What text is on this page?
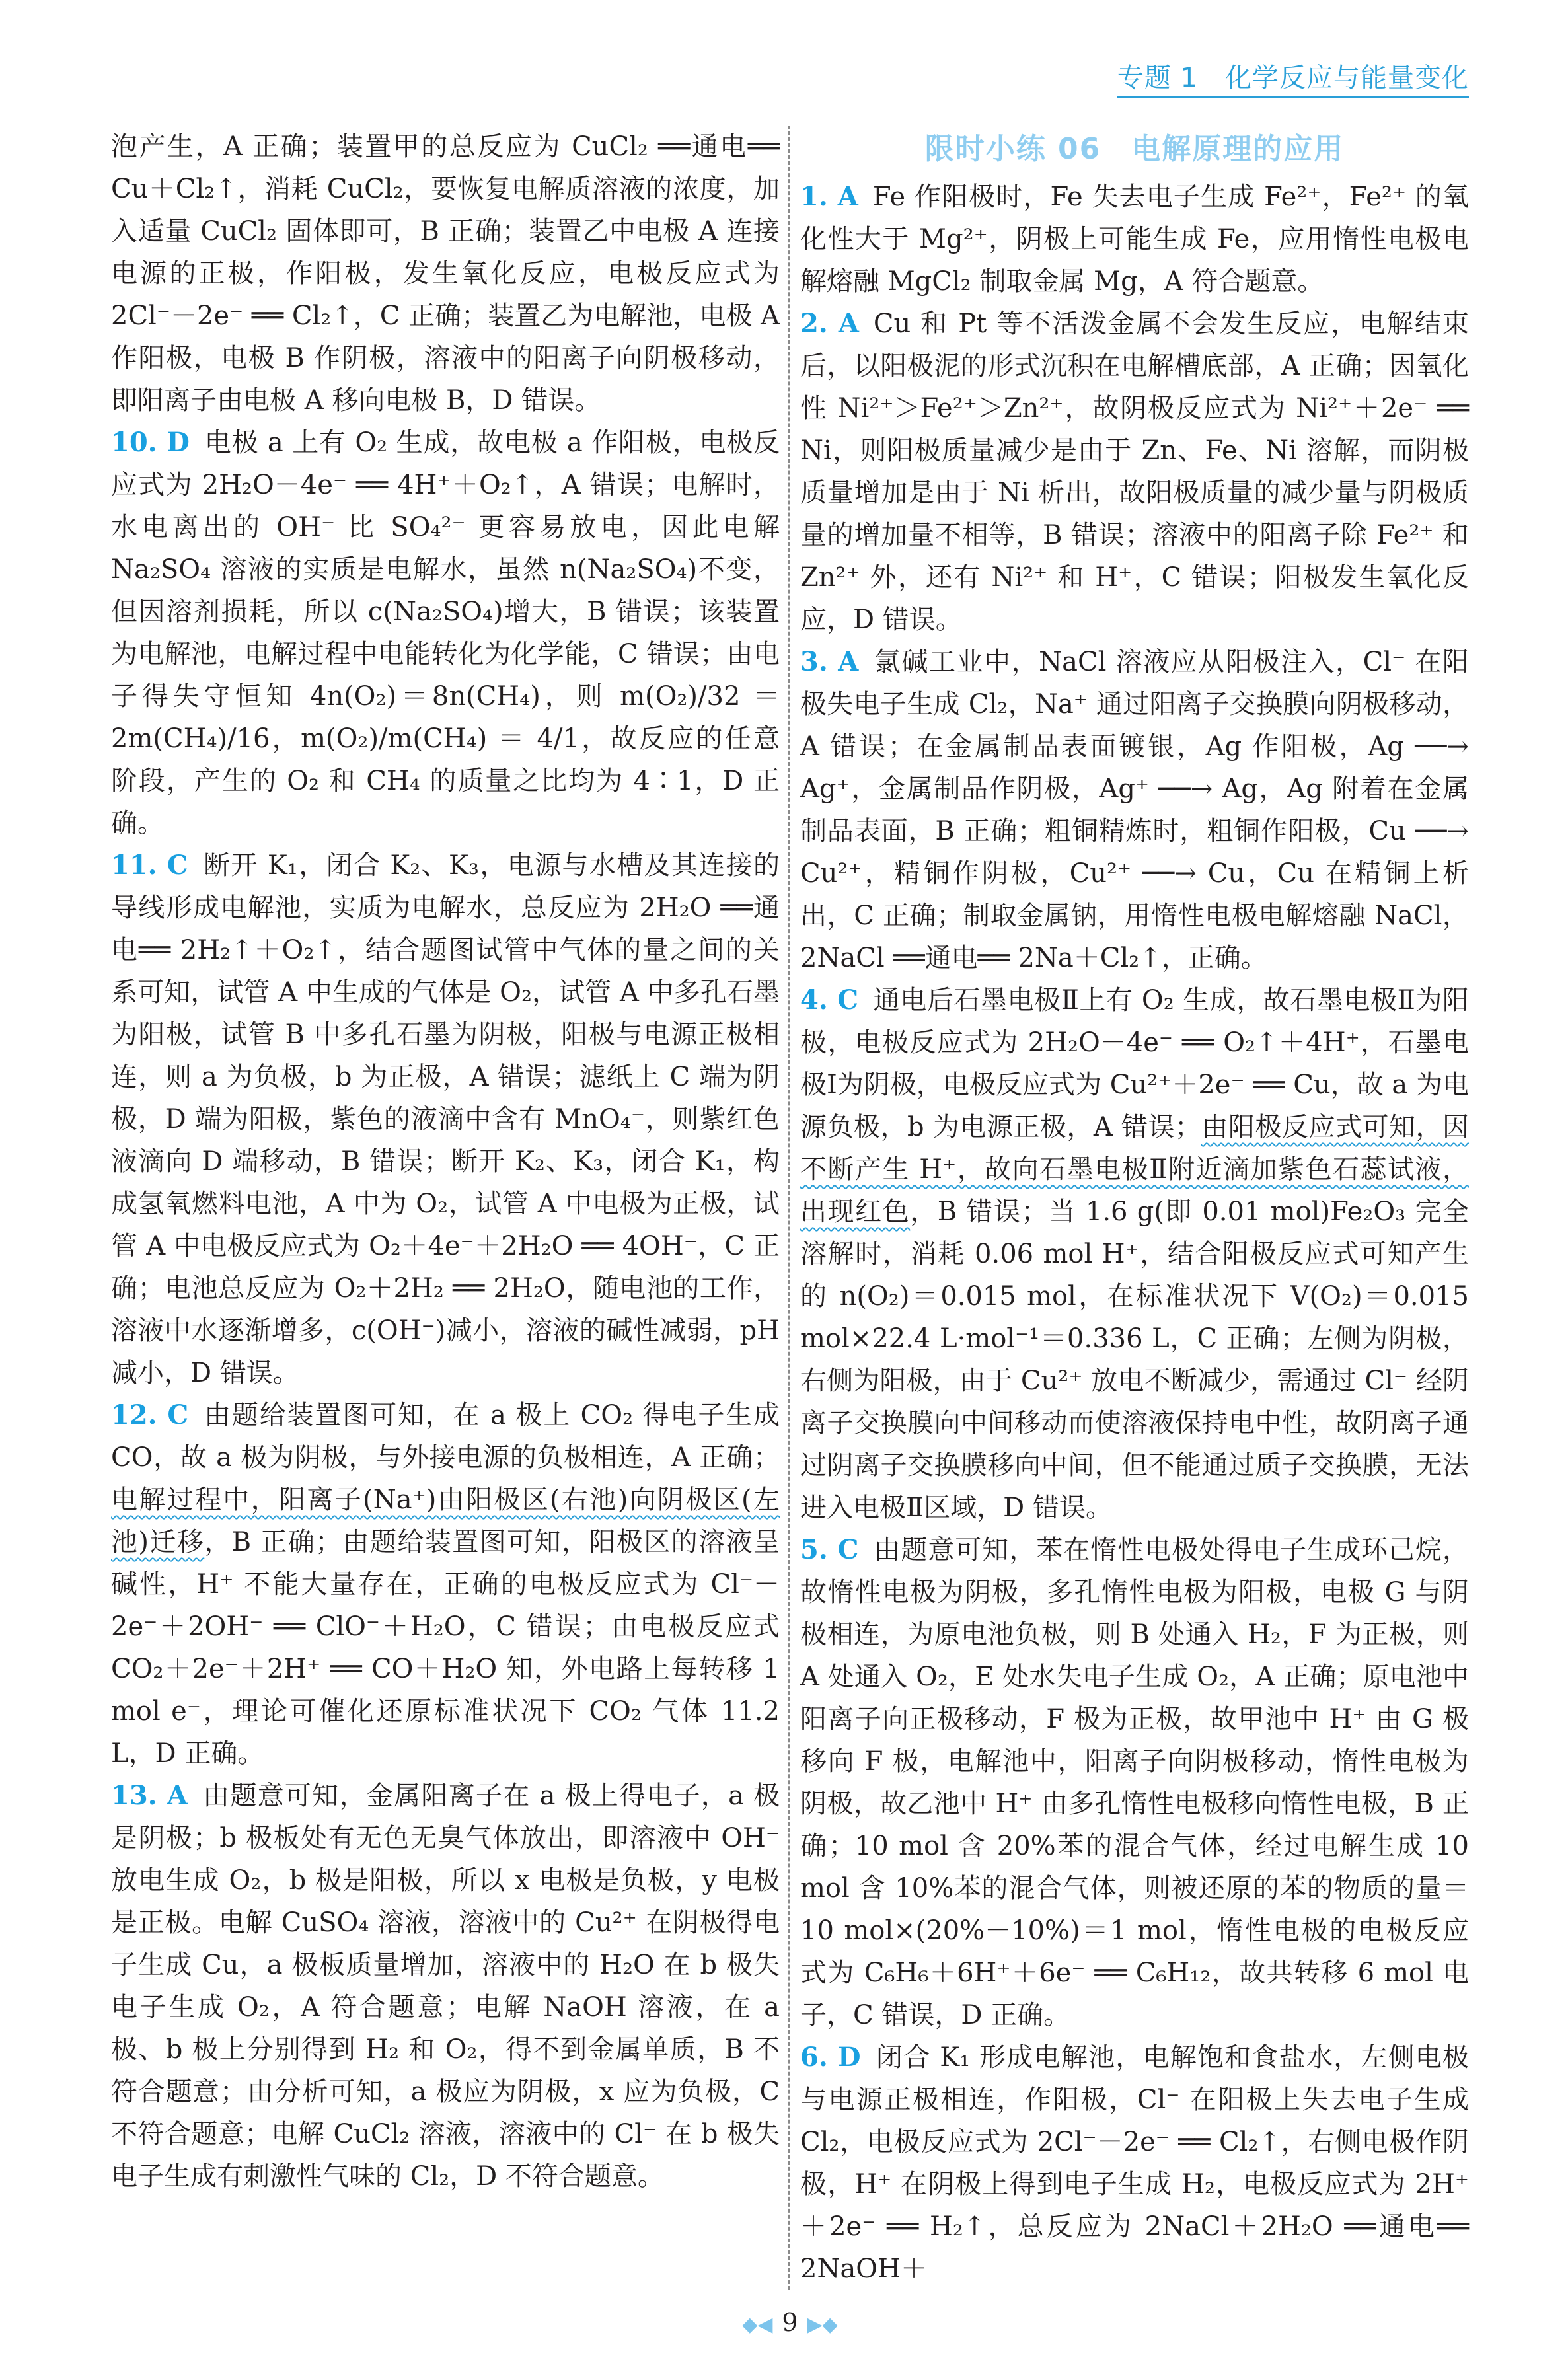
专题 1　化学反应与能量变化

泡产生，A 正确；装置甲的总反应为 CuCl₂ ══通电══ Cu＋Cl₂↑，消耗 CuCl₂，要恢复电解质溶液的浓度，加入适量 CuCl₂ 固体即可，B 正确；装置乙中电极 A 连接电源的正极，作阳极，发生氧化反应，电极反应式为 2Cl⁻－2e⁻ ══ Cl₂↑，C 正确；装置乙为电解池，电极 A 作阳极，电极 B 作阴极，溶液中的阳离子向阴极移动，即阳离子由电极 A 移向电极 B，D 错误。

10. D 电极 a 上有 O₂ 生成，故电极 a 作阳极，电极反应式为 2H₂O－4e⁻ ══ 4H⁺＋O₂↑，A 错误；电解时，水电离出的 OH⁻ 比 SO₄²⁻ 更容易放电，因此电解 Na₂SO₄ 溶液的实质是电解水，虽然 n(Na₂SO₄)不变，但因溶剂损耗，所以 c(Na₂SO₄)增大，B 错误；该装置为电解池，电解过程中电能转化为化学能，C 错误；由电子得失守恒知 4n(O₂)＝8n(CH₄)，则 m(O₂)/32 ＝ 2m(CH₄)/16，m(O₂)/m(CH₄) ＝ 4/1，故反应的任意阶段，产生的 O₂ 和 CH₄ 的质量之比均为 4∶1，D 正确。

11. C 断开 K₁，闭合 K₂、K₃，电源与水槽及其连接的导线形成电解池，实质为电解水，总反应为 2H₂O ══通电══ 2H₂↑＋O₂↑，结合题图试管中气体的量之间的关系可知，试管 A 中生成的气体是 O₂，试管 A 中多孔石墨为阳极，试管 B 中多孔石墨为阴极，阳极与电源正极相连，则 a 为负极，b 为正极，A 错误；滤纸上 C 端为阴极，D 端为阳极，紫色的液滴中含有 MnO₄⁻，则紫红色液滴向 D 端移动，B 错误；断开 K₂、K₃，闭合 K₁，构成氢氧燃料电池，A 中为 O₂，试管 A 中电极为正极，试管 A 中电极反应式为 O₂＋4e⁻＋2H₂O ══ 4OH⁻，C 正确；电池总反应为 O₂＋2H₂ ══ 2H₂O，随电池的工作，溶液中水逐渐增多，c(OH⁻)减小，溶液的碱性减弱，pH 减小，D 错误。

12. C 由题给装置图可知，在 a 极上 CO₂ 得电子生成 CO，故 a 极为阴极，与外接电源的负极相连，A 正确；电解过程中，阳离子(Na⁺)由阳极区(右池)向阴极区(左池)迁移，B 正确；由题给装置图可知，阳极区的溶液呈碱性，H⁺ 不能大量存在，正确的电极反应式为 Cl⁻－2e⁻＋2OH⁻ ══ ClO⁻＋H₂O，C 错误；由电极反应式 CO₂＋2e⁻＋2H⁺ ══ CO＋H₂O 知，外电路上每转移 1 mol e⁻，理论可催化还原标准状况下 CO₂ 气体 11.2 L，D 正确。

13. A 由题意可知，金属阳离子在 a 极上得电子，a 极是阴极；b 极板处有无色无臭气体放出，即溶液中 OH⁻ 放电生成 O₂，b 极是阳极，所以 x 电极是负极，y 电极是正极。电解 CuSO₄ 溶液，溶液中的 Cu²⁺ 在阴极得电子生成 Cu，a 极板质量增加，溶液中的 H₂O 在 b 极失电子生成 O₂，A 符合题意；电解 NaOH 溶液，在 a 极、b 极上分别得到 H₂ 和 O₂，得不到金属单质，B 不符合题意；由分析可知，a 极应为阴极，x 应为负极，C 不符合题意；电解 CuCl₂ 溶液，溶液中的 Cl⁻ 在 b 极失电子生成有刺激性气味的 Cl₂，D 不符合题意。

限时小练 06　电解原理的应用

1. A Fe 作阳极时，Fe 失去电子生成 Fe²⁺，Fe²⁺ 的氧化性大于 Mg²⁺，阴极上可能生成 Fe，应用惰性电极电解熔融 MgCl₂ 制取金属 Mg，A 符合题意。

2. A Cu 和 Pt 等不活泼金属不会发生反应，电解结束后，以阳极泥的形式沉积在电解槽底部，A 正确；因氧化性 Ni²⁺＞Fe²⁺＞Zn²⁺，故阴极反应式为 Ni²⁺＋2e⁻ ══ Ni，则阳极质量减少是由于 Zn、Fe、Ni 溶解，而阴极质量增加是由于 Ni 析出，故阳极质量的减少量与阴极质量的增加量不相等，B 错误；溶液中的阳离子除 Fe²⁺ 和 Zn²⁺ 外，还有 Ni²⁺ 和 H⁺，C 错误；阳极发生氧化反应，D 错误。

3. A 氯碱工业中，NaCl 溶液应从阳极注入，Cl⁻ 在阳极失电子生成 Cl₂，Na⁺ 通过阳离子交换膜向阴极移动，A 错误；在金属制品表面镀银，Ag 作阳极，Ag ──→ Ag⁺，金属制品作阴极，Ag⁺ ──→ Ag，Ag 附着在金属制品表面，B 正确；粗铜精炼时，粗铜作阳极，Cu ──→ Cu²⁺，精铜作阴极，Cu²⁺ ──→ Cu，Cu 在精铜上析出，C 正确；制取金属钠，用惰性电极电解熔融 NaCl，2NaCl ══通电══ 2Na＋Cl₂↑，正确。

4. C 通电后石墨电极Ⅱ上有 O₂ 生成，故石墨电极Ⅱ为阳极，电极反应式为 2H₂O－4e⁻ ══ O₂↑＋4H⁺，石墨电极Ⅰ为阴极，电极反应式为 Cu²⁺＋2e⁻ ══ Cu，故 a 为电源负极，b 为电源正极，A 错误；由阳极反应式可知，因不断产生 H⁺，故向石墨电极Ⅱ附近滴加紫色石蕊试液，出现红色，B 错误；当 1.6 g(即 0.01 mol)Fe₂O₃ 完全溶解时，消耗 0.06 mol H⁺，结合阳极反应式可知产生的 n(O₂)＝0.015 mol，在标准状况下 V(O₂)＝0.015 mol×22.4 L·mol⁻¹＝0.336 L，C 正确；左侧为阴极，右侧为阳极，由于 Cu²⁺ 放电不断减少，需通过 Cl⁻ 经阴离子交换膜向中间移动而使溶液保持电中性，故阴离子通过阴离子交换膜移向中间，但不能通过质子交换膜，无法进入电极Ⅱ区域，D 错误。

5. C 由题意可知，苯在惰性电极处得电子生成环己烷，故惰性电极为阴极，多孔惰性电极为阳极，电极 G 与阴极相连，为原电池负极，则 B 处通入 H₂，F 为正极，则 A 处通入 O₂，E 处水失电子生成 O₂，A 正确；原电池中阳离子向正极移动，F 极为正极，故甲池中 H⁺ 由 G 极移向 F 极，电解池中，阳离子向阴极移动，惰性电极为阴极，故乙池中 H⁺ 由多孔惰性电极移向惰性电极，B 正确；10 mol 含 20%苯的混合气体，经过电解生成 10 mol 含 10%苯的混合气体，则被还原的苯的物质的量＝10 mol×(20%－10%)＝1 mol，惰性电极的电极反应式为 C₆H₆＋6H⁺＋6e⁻ ══ C₆H₁₂，故共转移 6 mol 电子，C 错误，D 正确。

6. D 闭合 K₁ 形成电解池，电解饱和食盐水，左侧电极与电源正极相连，作阳极，Cl⁻ 在阳极上失去电子生成 Cl₂，电极反应式为 2Cl⁻－2e⁻ ══ Cl₂↑，右侧电极作阴极，H⁺ 在阴极上得到电子生成 H₂，电极反应式为 2H⁺＋2e⁻ ══ H₂↑，总反应为 2NaCl＋2H₂O ══通电══ 2NaOH＋

◆◀ 9 ▶◆
